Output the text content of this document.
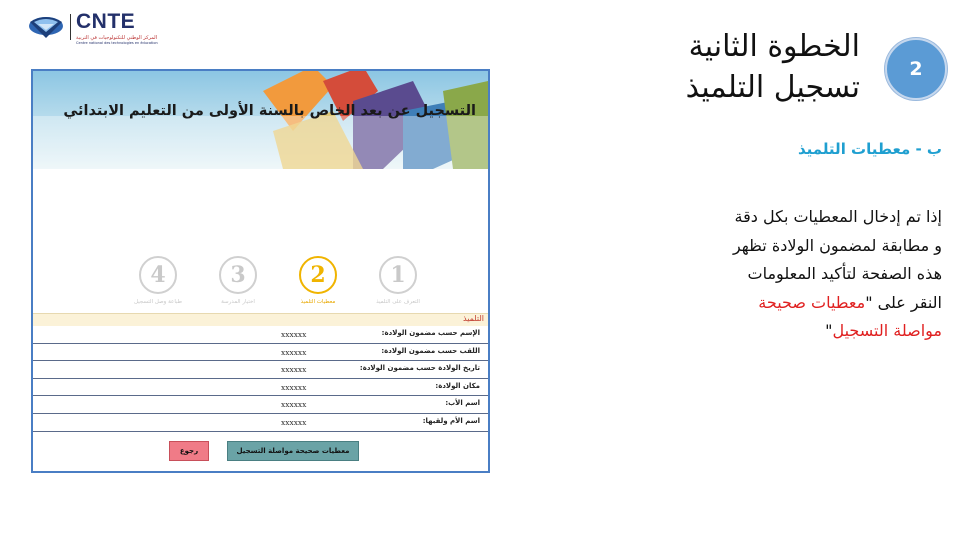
CNTE
المركز الوطني للتكنولوجيات في التربية
Centre national des technologies en éducation
2
الخطوة الثانية
تسجيل التلميذ
ب - معطيات التلميذ
إذا تم إدخال المعطيات بكل دقة
و مطابقة لمضمون الولادة تظهر
هذه الصفحة لتأكيد المعلومات
النقر على "معطيات صحيحة
مواصلة التسجيل"
التسجيل عن بعد الخاص بالسنة الأولى من التعليم الابتدائي
1
التعرف على التلميذ
2
معطيات التلميذ
3
اختيار المدرسة
4
طباعة وصل التسجيل
التلميذ
الإسم حسب مضمون الولادة:
xxxxxx
اللقب حسب مضمون الولادة:
xxxxxx
تاريخ الولادة حسب مضمون الولادة:
xxxxxx
مكان الولادة:
xxxxxx
اسم الأب:
xxxxxx
اسم الأم ولقبها:
xxxxxx
معطيات صحيحة مواصلة التسجيل
رجوع
